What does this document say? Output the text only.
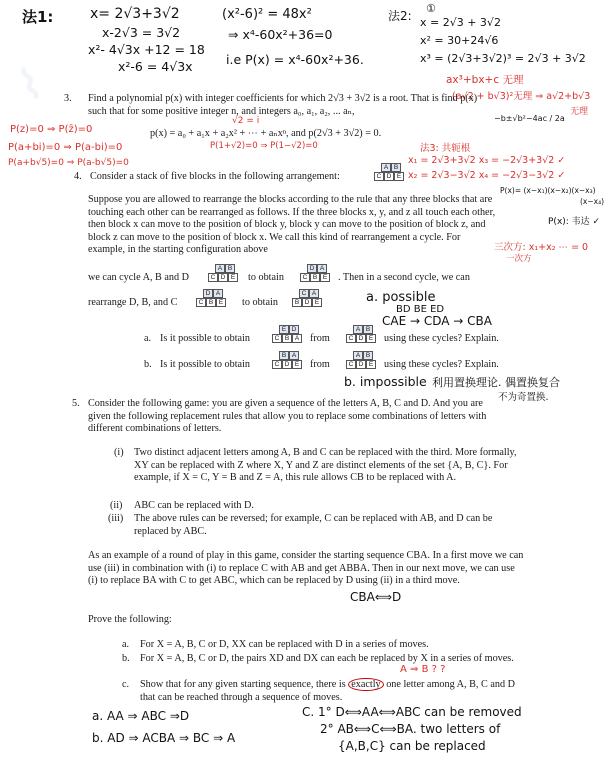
⌇
法1:	x= 2√3+3√2
x-2√3 = 3√2
x²- 4√3x +12 = 18
x²-6 = 4√3x
(x²-6)² = 48x²
⇒ x⁴-60x²+36=0
i.e P(x) = x⁴-60x²+36.
法2:
①
x = 2√3 + 3√2
x² = 30+24√6
x³ = (2√3+3√2)³ = 2√3 + 3√2
ax³+bx+c 无理
(a√2 + b√3)²无理 ⇒ a√2+b√3
无理
3. Find a polynomial p(x) with integer coefficients for which 2√3 + 3√2 is a root. That is find p(x)
such that for some positive integer n, and integers a₀, a₁, a₂, ... aₙ,
√2 = i
p(x) = a₀ + a₁x + a₂x² + ⋯ + aₙxⁿ, and p(2√3 + 3√2) = 0.
P(1+√2)=0 ⇒ P(1−√2)=0
P(z)=0 ⇒ P(z̄)=0
P(a+bi)=0 ⇒ P(a-bi)=0
P(a+b√5)=0 ⇒ P(a-b√5)=0
−b±√b²−4ac / 2a
法3: 共轭根
x₁ = 2√3+3√2 x₃ = −2√3+3√2 ✓
x₂ = 2√3−3√2 x₄ = −2√3−3√2 ✓
P(x)= (x−x₁)(x−x₂)(x−x₃)
(x−x₄)
P(x): 韦达 ✓
三次方: x₁+x₂ ⋯ = 0
一次方
4. Consider a stack of five blocks in the following arrangement:
A B
C D E
Suppose you are allowed to rearrange the blocks according to the rule that any three blocks that are touching each other can be rearranged as follows. If the three blocks x, y, and z all touch each other, then block x can move to the position of block y, block y can move to the position of block z, and block z can move to the position of block x. We call this kind of rearrangement a cycle. For example, in the starting configuration above
we can cycle A, B and D
A B
C D E to obtain
D A
C B E . Then in a second cycle, we can
rearrange D, B, and C
D A
C B E to obtain
C A
B D E	a. possible
a. Is it possible to obtain
E D
C B A from
A B
C D E using these cycles? Explain.
BD BE ED
CAE → CDA → CBA
b. Is it possible to obtain
B A
C D E from
A B
C D E using these cycles? Explain.
b. impossible 利用置换理论. 偶置换复合
不为奇置换.
5. Consider the following game: you are given a sequence of the letters A, B, C and D. And you are given the following replacement rules that allow you to replace some combinations of letters with different combinations of letters.
(i) Two distinct adjacent letters among A, B and C can be replaced with the third. More formally, XY can be replaced with Z where X, Y and Z are distinct elements of the set {A, B, C}. For example, if X = C, Y = B and Z = A, this rule allows CB to be replaced with A.
(ii) ABC can be replaced with D.
(iii) The above rules can be reversed; for example, C can be replaced with AB, and D can be replaced by ABC.
As an example of a round of play in this game, consider the starting sequence CBA. In a first move we can use (iii) in combination with (i) to replace C with AB and get ABBA. Then in our next move, we can use (i) to replace BA with C to get ABC, which can be replaced by D using (ii) in a third move.
CBA⟺D
Prove the following:
a. For X = A, B, C or D, XX can be replaced with D in a series of moves.
b. For X = A, B, C or D, the pairs XD and DX can each be replaced by X in a series of moves.
A ⇒ B ? ?
c. Show that for any given starting sequence, there is exactly one letter among A, B, C and D
a. AA ⇒ ABC ⇒D
b. AD ⇒ ACBA ⇒ BC ⇒ A
C. 1° D⟺AA⟺ABC can be removed
2° AB⟺C⟺BA. two letters of
{A,B,C} can be replaced
that can be reached through a sequence of moves.
